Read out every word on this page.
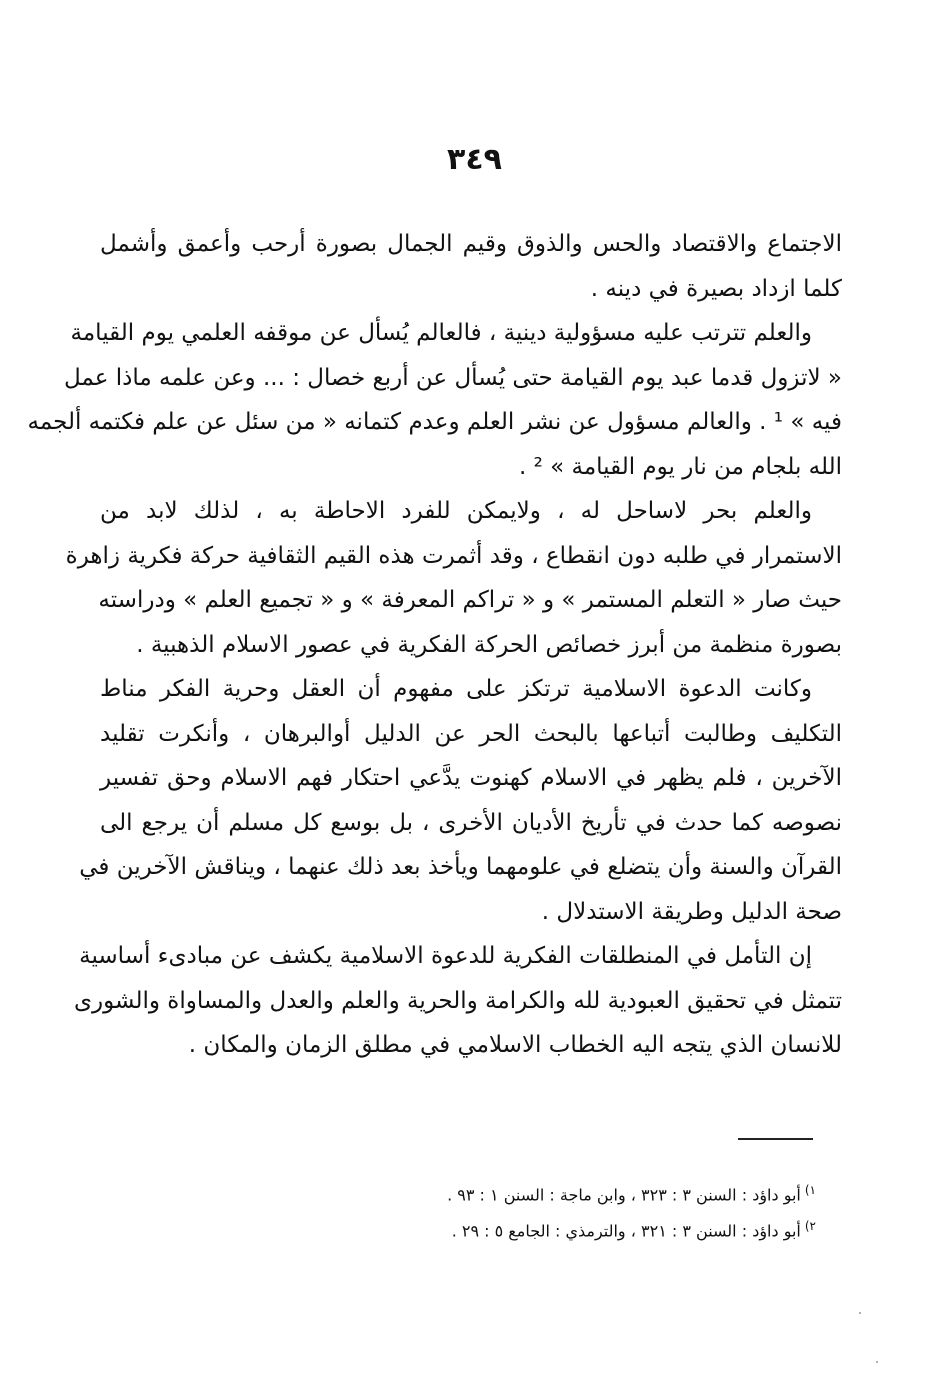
٣٤٩
الاجتماع والاقتصاد والحس والذوق وقيم الجمال بصورة أرحب وأعمق وأشمل
كلما ازداد بصيرة في دينه .
والعلم تترتب عليه مسؤولية دينية ، فالعالم يُسأل عن موقفه العلمي يوم القيامة
« لاتزول قدما عبد يوم القيامة حتى يُسأل عن أربع خصال : ... وعن علمه ماذا عمل
فيه » ¹ . والعالم مسؤول عن نشر العلم وعدم كتمانه « من سئل عن علم فكتمه ألجمه
الله بلجام من نار يوم القيامة » ² .
والعلم بحر لاساحل له ، ولايمكن للفرد الاحاطة به ، لذلك لابد من
الاستمرار في طلبه دون انقطاع ، وقد أثمرت هذه القيم الثقافية حركة فكرية زاهرة
حيث صار « التعلم المستمر » و « تراكم المعرفة » و « تجميع العلم » ودراسته
بصورة منظمة من أبرز خصائص الحركة الفكرية في عصور الاسلام الذهبية .
وكانت الدعوة الاسلامية ترتكز على مفهوم أن العقل وحرية الفكر مناط
التكليف وطالبت أتباعها بالبحث الحر عن الدليل أوالبرهان ، وأنكرت تقليد
الآخرين ، فلم يظهر في الاسلام كهنوت يدَّعي احتكار فهم الاسلام وحق تفسير
نصوصه كما حدث في تأريخ الأديان الأخرى ، بل بوسع كل مسلم أن يرجع الى
القرآن والسنة وأن يتضلع في علومهما ويأخذ بعد ذلك عنهما ، ويناقش الآخرين في
صحة الدليل وطريقة الاستدلال .
إن التأمل في المنطلقات الفكرية للدعوة الاسلامية يكشف عن مبادىء أساسية
تتمثل في تحقيق العبودية لله والكرامة والحرية والعلم والعدل والمساواة والشورى
للانسان الذي يتجه اليه الخطاب الاسلامي في مطلق الزمان والمكان .
$^{١)}$أبو داؤد : السنن ٣ : ٣٢٣ ، وابن ماجة : السنن ١ : ٩٣ .
$^{٢)}$أبو داؤد : السنن ٣ : ٣٢١ ، والترمذي : الجامع ٥ : ٢٩ .
